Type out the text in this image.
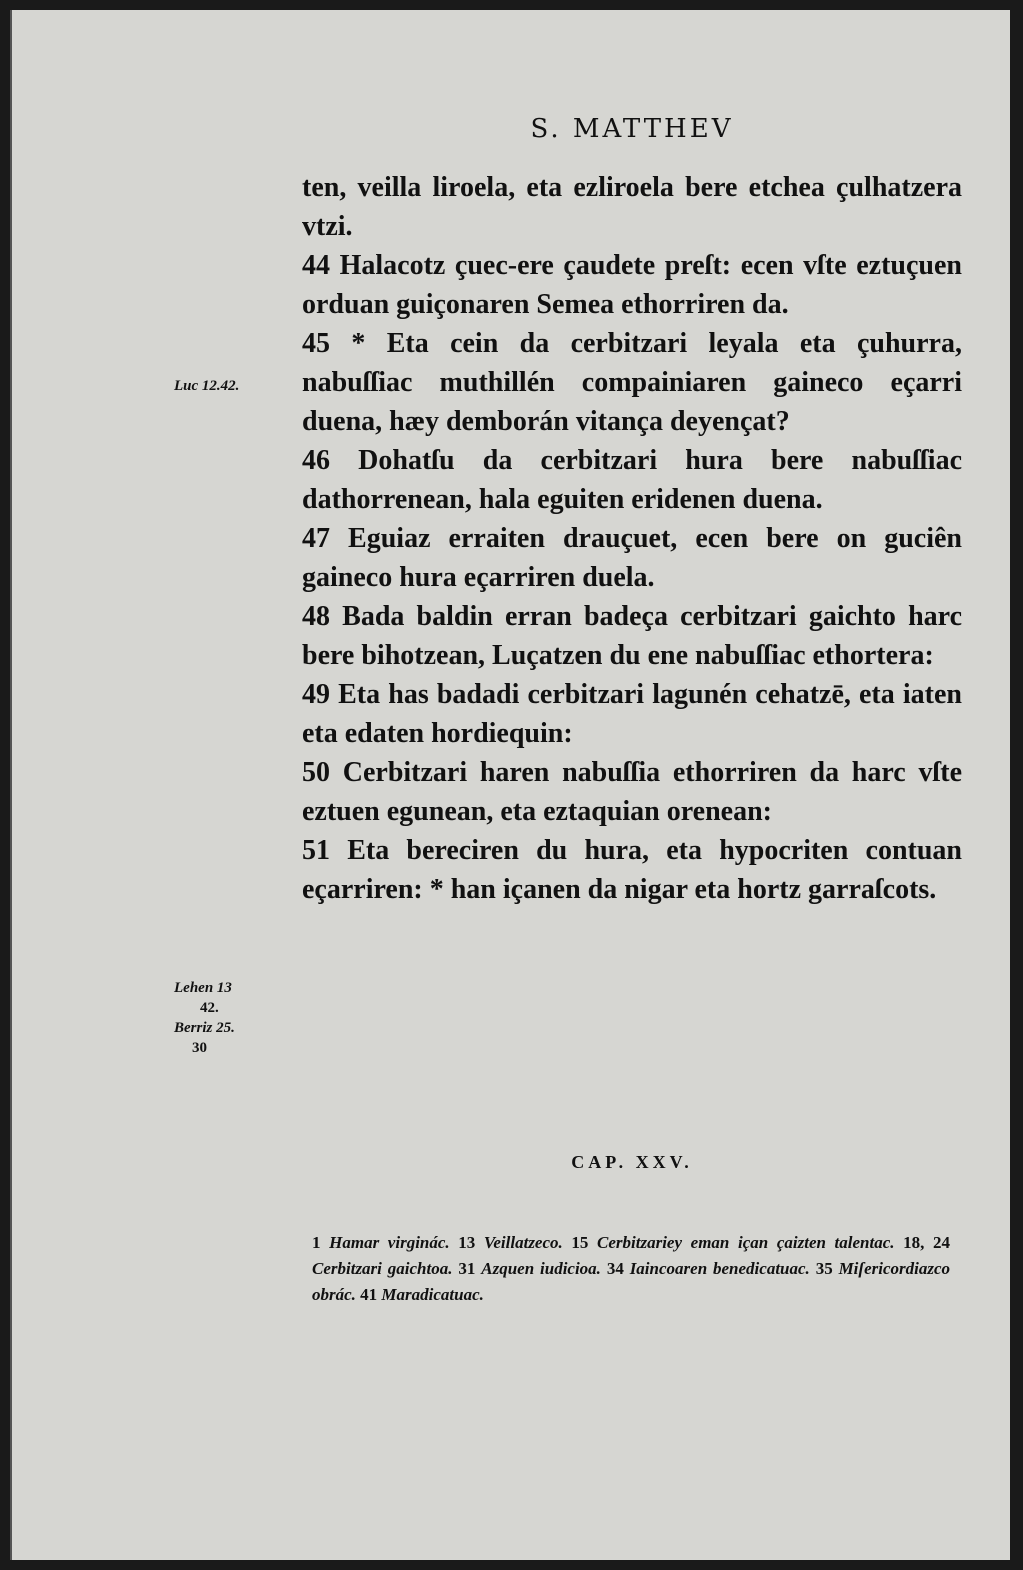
S. MATTHEV

ten, veilla liroela, eta ezliroela bere etchea çulhatzera vtzi.

44 Halacotz çuec-ere çaudete preſt: ecen vſte eztuçuen orduan guiçonaren Semea ethorriren da.

45 * Eta cein da cerbitzari leyala eta çuhurra, nabuſſiac muthillén compainiaren gaineco eçarri duena, hæy demborán vitança deyençat?

46 Dohatſu da cerbitzari hura bere nabuſſiac dathorrenean, hala eguiten eridenen duena.

47 Eguiaz erraiten drauçuet, ecen bere on guciên gaineco hura eçarriren duela.

48 Bada baldin erran badeça cerbitzari gaichto harc bere bihotzean, Luçatzen du ene nabuſſiac ethortera:

49 Eta has badadi cerbitzari lagunén cehatzē, eta iaten eta edaten hordiequin:

50 Cerbitzari haren nabuſſia ethorriren da harc vſte eztuen egunean, eta eztaquian orenean:

51 Eta bereciren du hura, eta hypocriten contuan eçarriren: * han içanen da nigar eta hortz garraſcots.

Luc 12.42.
Lehen 13
42.
Berriz 25.
30
CAP. XXV.
1 Hamar virginác. 13 Veillatzeco. 15 Cerbitzariey eman içan çaizten talentac. 18, 24 Cerbitzari gaichtoa. 31 Azquen iudicioa. 34 Iaincoaren benedicatuac. 35 Miſericordiazco obrác. 41 Maradicatuac.
